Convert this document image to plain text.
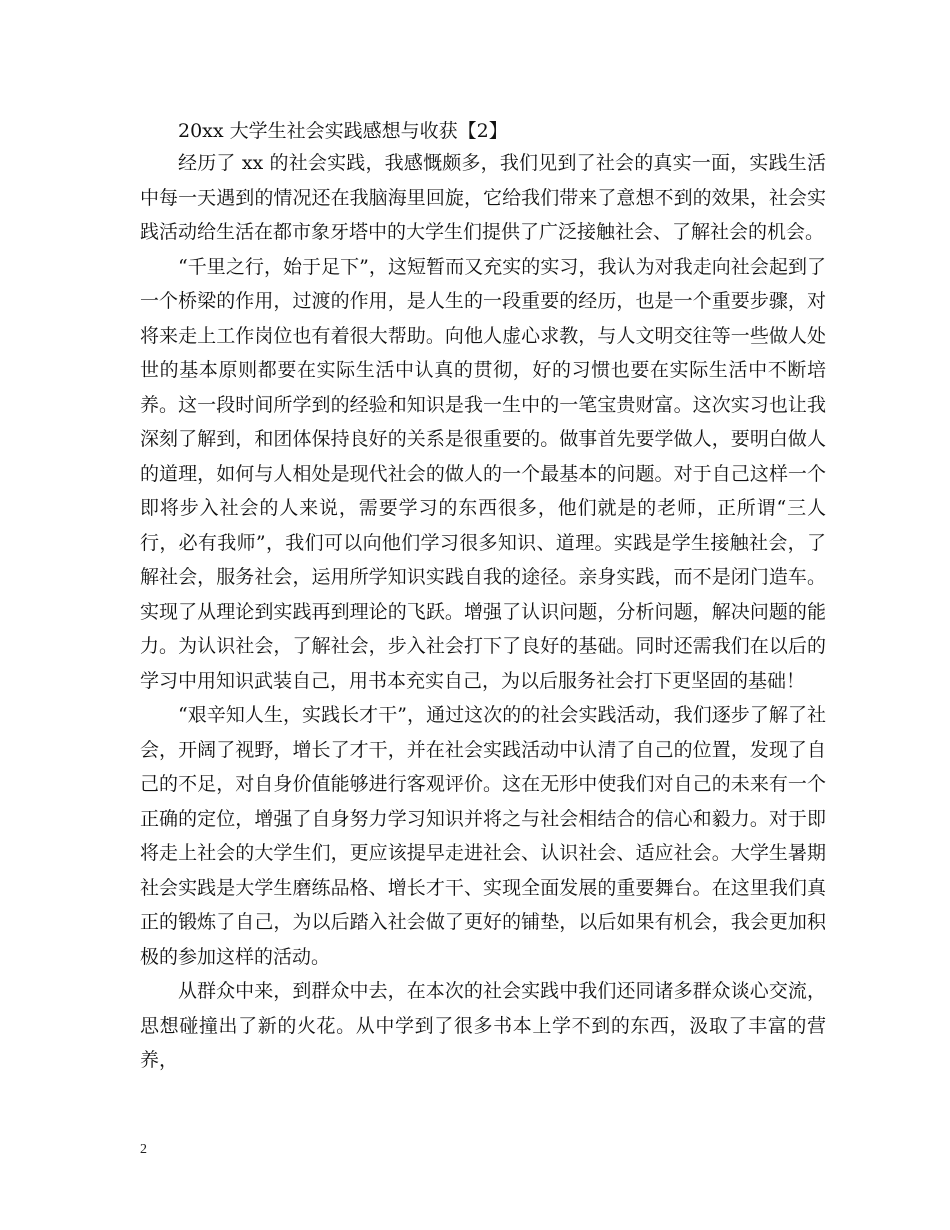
20xx 大学生社会实践感想与收获【2】

经历了 xx 的社会实践，我感慨颇多，我们见到了社会的真实一面，实践生活中每一天遇到的情况还在我脑海里回旋，它给我们带来了意想不到的效果，社会实践活动给生活在都市象牙塔中的大学生们提供了广泛接触社会、了解社会的机会。

“千里之行，始于足下”，这短暂而又充实的实习，我认为对我走向社会起到了一个桥梁的作用，过渡的作用，是人生的一段重要的经历，也是一个重要步骤，对将来走上工作岗位也有着很大帮助。向他人虚心求教，与人文明交往等一些做人处世的基本原则都要在实际生活中认真的贯彻，好的习惯也要在实际生活中不断培养。这一段时间所学到的经验和知识是我一生中的一笔宝贵财富。这次实习也让我深刻了解到，和团体保持良好的关系是很重要的。做事首先要学做人，要明白做人的道理，如何与人相处是现代社会的做人的一个最基本的问题。对于自己这样一个即将步入社会的人来说，需要学习的东西很多，他们就是的老师，正所谓“三人行，必有我师”，我们可以向他们学习很多知识、道理。实践是学生接触社会，了解社会，服务社会，运用所学知识实践自我的途径。亲身实践，而不是闭门造车。实现了从理论到实践再到理论的飞跃。增强了认识问题，分析问题，解决问题的能力。为认识社会，了解社会，步入社会打下了良好的基础。同时还需我们在以后的学习中用知识武装自己，用书本充实自己，为以后服务社会打下更坚固的基础！

“艰辛知人生，实践长才干”，通过这次的的社会实践活动，我们逐步了解了社会，开阔了视野，增长了才干，并在社会实践活动中认清了自己的位置，发现了自己的不足，对自身价值能够进行客观评价。这在无形中使我们对自己的未来有一个正确的定位，增强了自身努力学习知识并将之与社会相结合的信心和毅力。对于即将走上社会的大学生们，更应该提早走进社会、认识社会、适应社会。大学生暑期社会实践是大学生磨练品格、增长才干、实现全面发展的重要舞台。在这里我们真正的锻炼了自己，为以后踏入社会做了更好的铺垫，以后如果有机会，我会更加积极的参加这样的活动。

从群众中来，到群众中去，在本次的社会实践中我们还同诸多群众谈心交流，思想碰撞出了新的火花。从中学到了很多书本上学不到的东西，汲取了丰富的营养，

2
